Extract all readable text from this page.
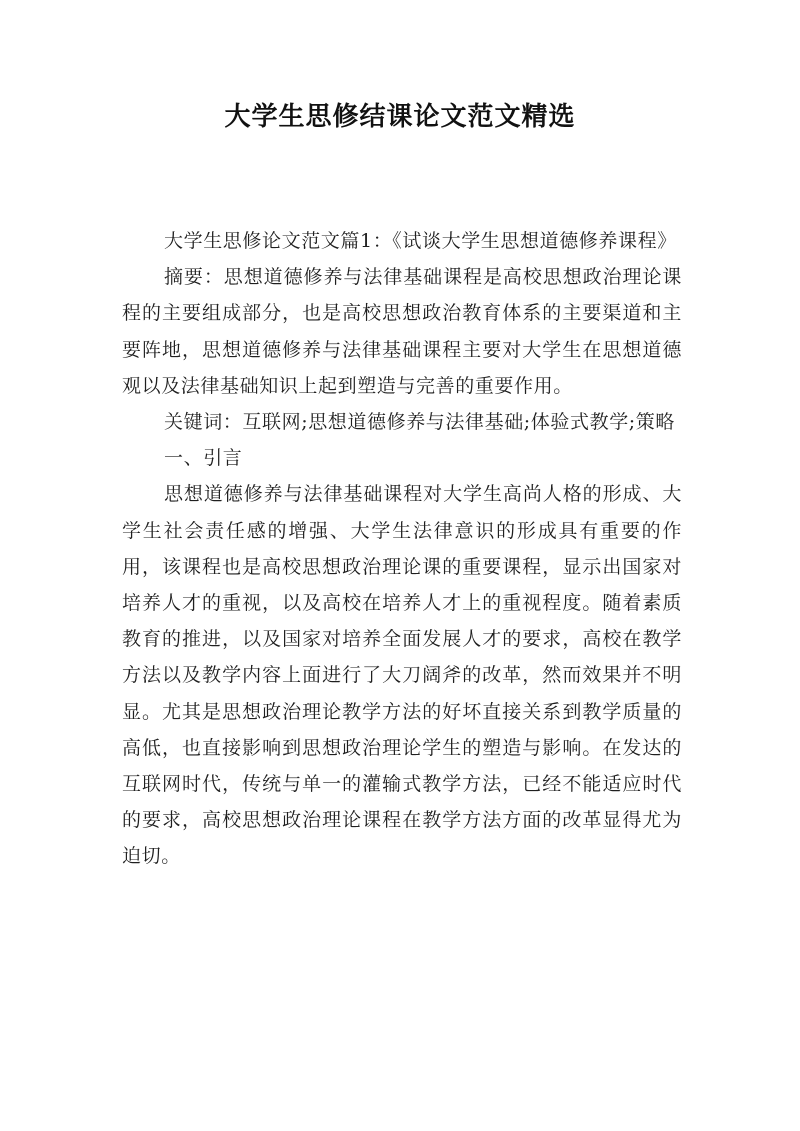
大学生思修结课论文范文精选

大学生思修论文范文篇1：《试谈大学生思想道德修养课程》

摘要：思想道德修养与法律基础课程是高校思想政治理论课程的主要组成部分，也是高校思想政治教育体系的主要渠道和主要阵地，思想道德修养与法律基础课程主要对大学生在思想道德观以及法律基础知识上起到塑造与完善的重要作用。

关键词：互联网;思想道德修养与法律基础;体验式教学;策略

一、引言

思想道德修养与法律基础课程对大学生高尚人格的形成、大学生社会责任感的增强、大学生法律意识的形成具有重要的作用，该课程也是高校思想政治理论课的重要课程，显示出国家对培养人才的重视，以及高校在培养人才上的重视程度。随着素质教育的推进，以及国家对培养全面发展人才的要求，高校在教学方法以及教学内容上面进行了大刀阔斧的改革，然而效果并不明显。尤其是思想政治理论教学方法的好坏直接关系到教学质量的高低，也直接影响到思想政治理论学生的塑造与影响。在发达的互联网时代，传统与单一的灌输式教学方法，已经不能适应时代的要求，高校思想政治理论课程在教学方法方面的改革显得尤为迫切。
